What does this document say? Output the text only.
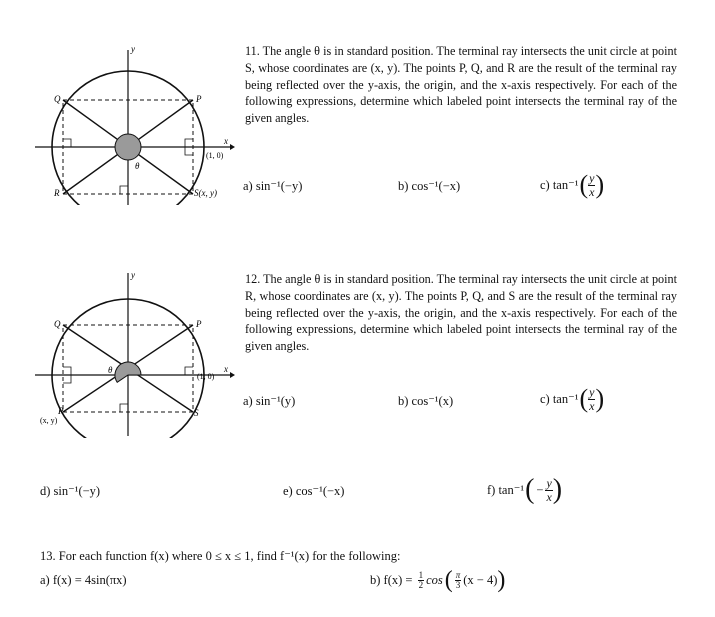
y
x
Q	P
R	S(x, y)
(1, 0)
θ
11. The angle θ is in standard position. The terminal ray intersects the unit circle at point S, whose coordinates are (x, y). The points P, Q, and R are the result of the terminal ray being reflected over the y-axis, the origin, and the x-axis respectively. For each of the following expressions, determine which labeled point intersects the terminal ray of the given angles.
a) sin⁻¹(−y)	b) cos⁻¹(−x)	c) tan⁻¹ ( $\frac{y}{x}$ )
y
x
Q	P
R
(x, y)
S
(1, 0)
θ
12. The angle θ is in standard position. The terminal ray intersects the unit circle at point R, whose coordinates are (x, y). The points P, Q, and S are the result of the terminal ray being reflected over the y-axis, the origin, and the x-axis respectively. For each of the following expressions, determine which labeled point intersects the terminal ray of the given angles.
a) sin⁻¹(y)	b) cos⁻¹(x)	c) tan⁻¹ ( $\frac{y}{x}$ )
d) sin⁻¹(−y)	e) cos⁻¹(−x)	f) tan⁻¹ ( − $\frac{y}{x}$ )
13. For each function f(x) where 0 ≤ x ≤ 1, find f⁻¹(x) for the following:
a) f(x) = 4sin(πx)	b) $f(x) = \frac{1}{2}$ cos ( $\frac{\pi}{3} (x - 4)$ )
